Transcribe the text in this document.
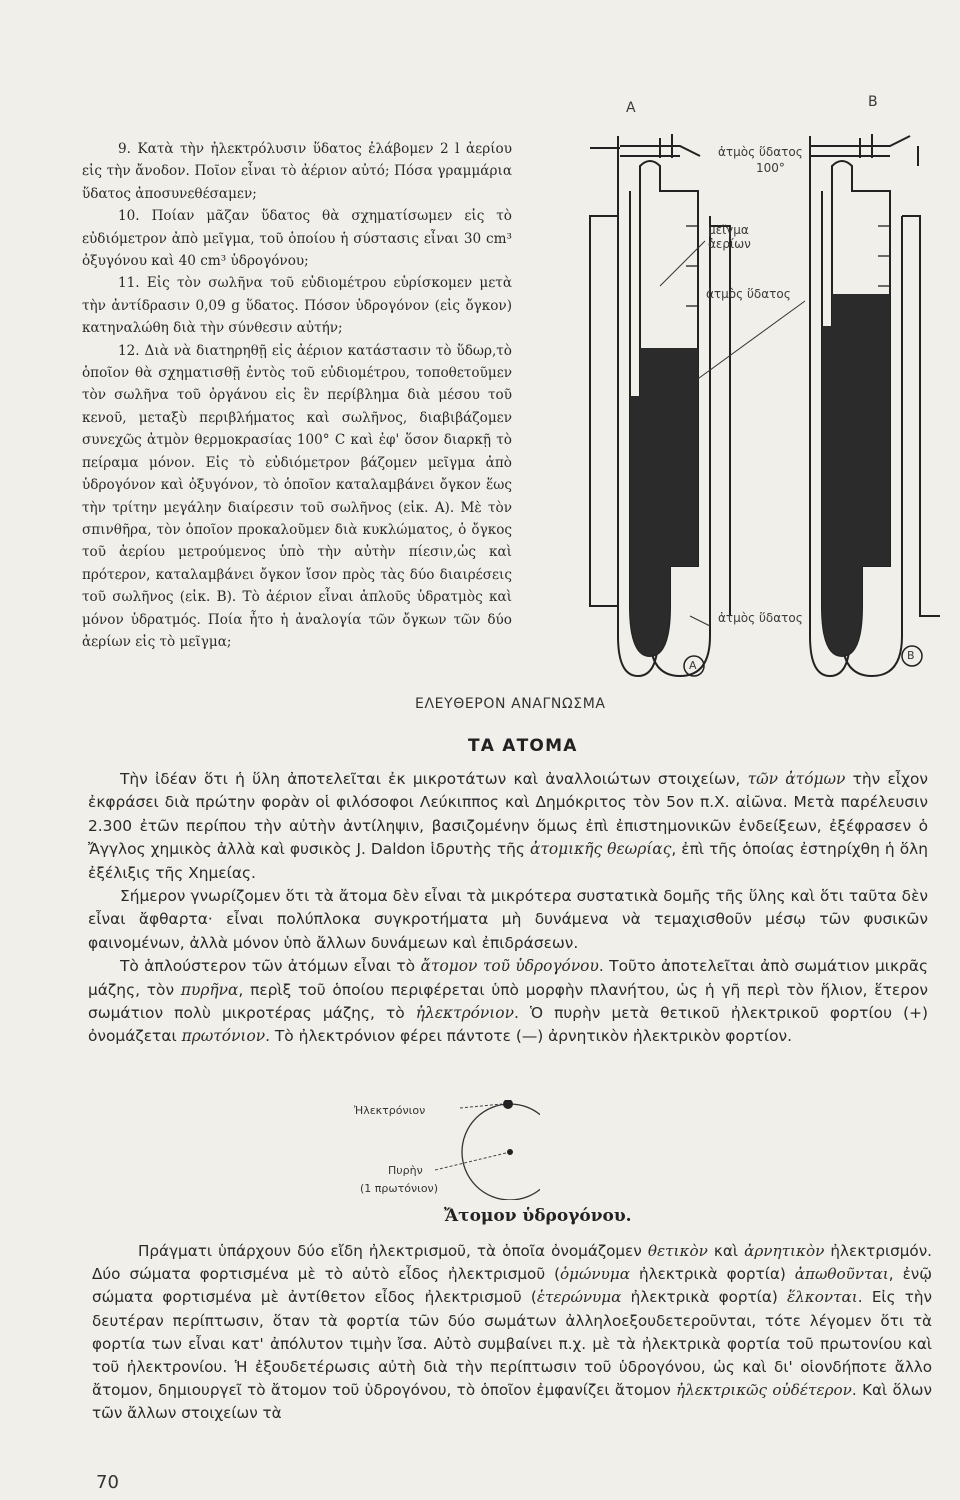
9. Κατὰ τὴν ἠλεκτρόλυσιν ὕδατος ἐλάβομεν 2 l ἀερίου εἰς τὴν ἄνοδον. Ποῖον εἶναι τὸ ἀέριον αὐτό; Πόσα γραμμάρια ὕδατος ἀποσυνεθέσαμεν;

10. Ποίαν μᾶζαν ὕδατος θὰ σχηματίσωμεν εἰς τὸ εὐδιόμετρον ἀπὸ μεῖγμα, τοῦ ὁποίου ἡ σύστασις εἶναι 30 cm³ ὀξυγόνου καὶ 40 cm³ ὑδρογόνου;

11. Εἰς τὸν σωλῆνα τοῦ εὐδιομέτρου εὑρίσκομεν μετὰ τὴν ἀντίδρασιν 0,09 g ὕδατος. Πόσον ὑδρογόνον (εἰς ὄγκον) κατηναλώθη διὰ τὴν σύνθεσιν αὐτήν;

12. Διὰ νὰ διατηρηθῇ εἰς ἀέριον κατάστασιν τὸ ὕδωρ,τὸ ὁποῖον θὰ σχηματισθῇ ἐντὸς τοῦ εὐδιομέτρου, τοποθετοῦμεν τὸν σωλῆνα τοῦ ὀργάνου εἰς ἓν περίβλημα διὰ μέσου τοῦ κενοῦ, μεταξὺ περιβλήματος καὶ σωλῆνος, διαβιβάζομεν συνεχῶς ἀτμὸν θερμοκρασίας 100° C καὶ ἐφ' ὅσον διαρκῇ τὸ πείραμα μόνον. Εἰς τὸ εὐδιόμετρον βάζομεν μεῖγμα ἀπὸ ὑδρογόνον καὶ ὀξυγόνον, τὸ ὁποῖον καταλαμβάνει ὄγκον ἕως τὴν τρίτην μεγάλην διαίρεσιν τοῦ σωλῆνος (εἰκ. Α). Μὲ τὸν σπινθῆρα, τὸν ὁποῖον προκαλοῦμεν διὰ κυκλώματος, ὁ ὄγκος τοῦ ἀερίου μετρούμενος ὑπὸ τὴν αὐτὴν πίεσιν,ὡς καὶ πρότερον, καταλαμβάνει ὄγκον ἴσον πρὸς τὰς δύο διαιρέσεις τοῦ σωλῆνος (εἰκ. Β). Τὸ ἀέριον εἶναι ἁπλοῦς ὑδρατμὸς καὶ μόνον ὑδρατμός. Ποία ἦτο ἡ ἀναλογία τῶν ὄγκων τῶν δύο ἀερίων εἰς τὸ μεῖγμα;

Α	Β
ἀτμὸς ὕδατος
100°
μεῖγμα
ἀερίων
ἀτμὸς ὕδατος
ἀτμὸς ὕδατος
Α
Β
ΕΛΕΥΘΕΡΟΝ ΑΝΑΓΝΩΣΜΑ
ΤΑ ΑΤΟΜΑ

Τὴν ἰδέαν ὅτι ἡ ὕλη ἀποτελεῖται ἐκ μικροτάτων καὶ ἀναλλοιώτων στοιχείων, τῶν ἀτόμων τὴν εἶχον ἐκφράσει διὰ πρώτην φορὰν οἱ φιλόσοφοι Λεύκιππος καὶ Δημόκριτος τὸν 5ον π.Χ. αἰῶνα. Μετὰ παρέλευσιν 2.300 ἐτῶν περίπου τὴν αὐτὴν ἀντίληψιν, βασιζομένην ὅμως ἐπὶ ἐπιστημονικῶν ἐνδείξεων, ἐξέφρασεν ὁ Ἄγγλος χημικὸς ἀλλὰ καὶ φυσικὸς J. Daldon ἱδρυτὴς τῆς ἀτομικῆς θεωρίας, ἐπὶ τῆς ὁποίας ἐστηρίχθη ἡ ὅλη ἐξέλιξις τῆς Χημείας.

Σήμερον γνωρίζομεν ὅτι τὰ ἄτομα δὲν εἶναι τὰ μικρότερα συστατικὰ δομῆς τῆς ὕλης καὶ ὅτι ταῦτα δὲν εἶναι ἄφθαρτα· εἶναι πολύπλοκα συγκροτήματα μὴ δυνάμενα νὰ τεμαχισθοῦν μέσῳ τῶν φυσικῶν φαινομένων, ἀλλὰ μόνον ὑπὸ ἄλλων δυνάμεων καὶ ἐπιδράσεων.

Τὸ ἁπλούστερον τῶν ἀτόμων εἶναι τὸ ἄτομον τοῦ ὑδρογόνου. Τοῦτο ἀποτελεῖται ἀπὸ σωμάτιον μικρᾶς μάζης, τὸν πυρῆνα, περὶξ τοῦ ὁποίου περιφέρεται ὑπὸ μορφὴν πλανήτου, ὡς ἡ γῆ περὶ τὸν ἥλιον, ἕτερον σωμάτιον πολὺ μικροτέρας μάζης, τὸ ἠλεκτρόνιον. Ὁ πυρὴν μετὰ θετικοῦ ἠλεκτρικοῦ φορτίου (+) ὀνομάζεται πρωτόνιον. Τὸ ἠλεκτρόνιον φέρει πάντοτε (—) ἀρνητικὸν ἠλεκτρικὸν φορτίον.

Ἠλεκτρόνιον
Πυρὴν
(1 πρωτόνιον)
Ἄτομον ὑδρογόνου.

Πράγματι ὑπάρχουν δύο εἴδη ἠλεκτρισμοῦ, τὰ ὁποῖα ὀνομάζομεν θετικὸν καὶ ἀρνητικὸν ἠλεκτρισμόν. Δύο σώματα φορτισμένα μὲ τὸ αὐτὸ εἶδος ἠλεκτρισμοῦ (ὁμώνυμα ἠλεκτρικὰ φορτία) ἀπωθοῦνται, ἐνῷ σώματα φορτισμένα μὲ ἀντίθετον εἶδος ἠλεκτρισμοῦ (ἑτερώνυμα ἠλεκτρικὰ φορτία) ἕλκονται. Εἰς τὴν δευτέραν περίπτωσιν, ὅταν τὰ φορτία τῶν δύο σωμάτων ἀλληλοεξουδετεροῦνται, τότε λέγομεν ὅτι τὰ φορτία των εἶναι κατ' ἀπόλυτον τιμὴν ἴσα. Αὐτὸ συμβαίνει π.χ. μὲ τὰ ἠλεκτρικὰ φορτία τοῦ πρωτονίου καὶ τοῦ ἠλεκτρονίου. Ἡ ἐξουδετέρωσις αὐτὴ διὰ τὴν περίπτωσιν τοῦ ὑδρογόνου, ὡς καὶ δι' οἱονδήποτε ἄλλο ἄτομον, δημιουργεῖ τὸ ἄτομον τοῦ ὑδρογόνου, τὸ ὁποῖον ἐμφανίζει ἄτομον ἠλεκτρικῶς οὐδέτερον. Καὶ ὅλων τῶν ἄλλων στοιχείων τὰ

70
